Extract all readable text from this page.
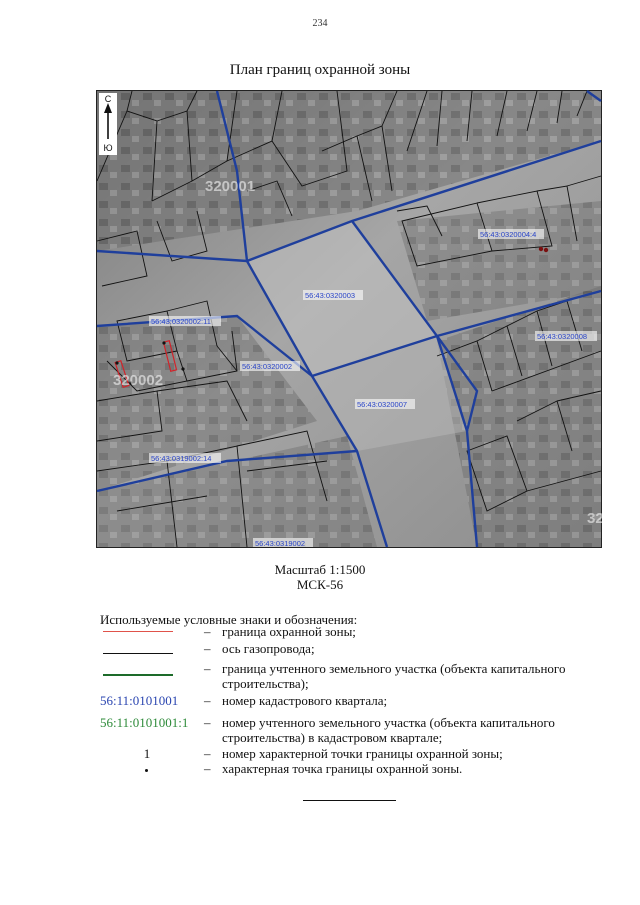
234
План границ охранной зоны
320001
320002
32
56:43:0320003
56:43:0320002
56:43:0320007
56:43:0320004:4
56:43:0320002:11
56:43:0319002:14
56:43:0320008
56:43:0319002
С
Ю
Масштаб 1:1500
МСК-56
Используемые условные знаки и обозначения:
– граница охранной зоны;
– ось газопровода;
– граница учтенного земельного участка (объекта капитального строительства);
56:11:0101001	– номер кадастрового квартала;
56:11:0101001:1	– номер учтенного земельного участка (объекта капитального строительства) в кадастровом квартале;
1	– номер характерной точки границы охранной зоны;
– характерная точка границы охранной зоны.
